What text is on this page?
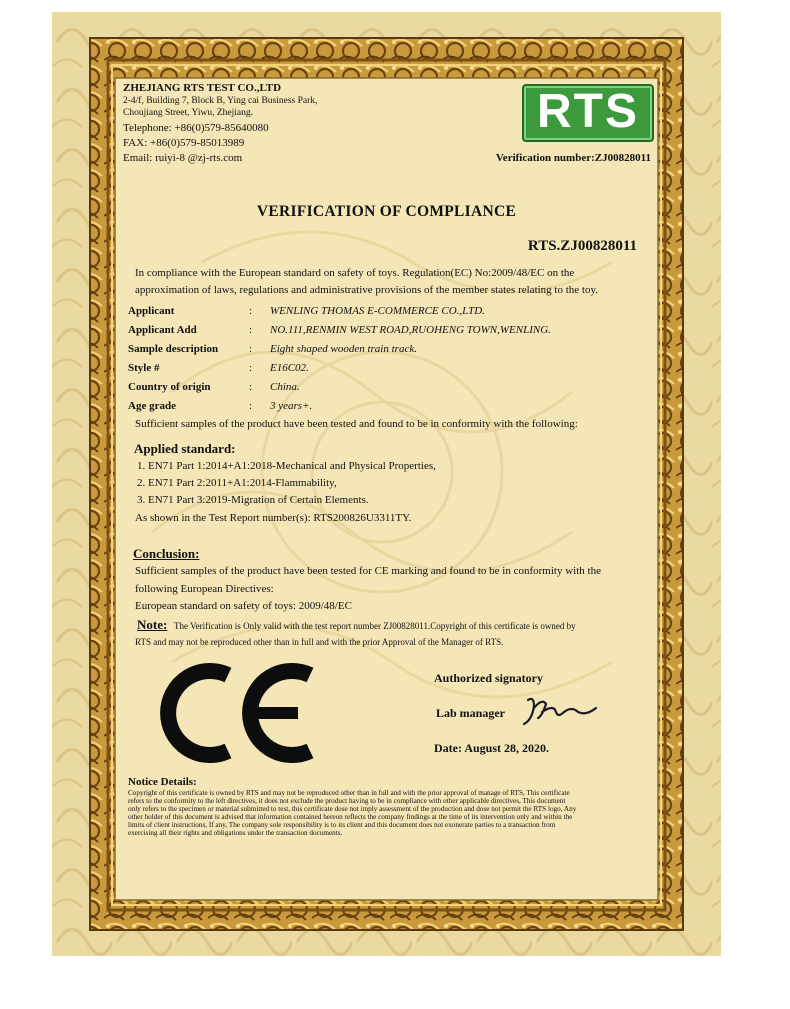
ZHEJIANG RTS TEST CO.,LTD
2-4/f, Building 7, Block B, Ying cai Business Park,
Choujiang Street, Yiwu, Zhejiang.
Telephone: +86(0)579-85640080
FAX: +86(0)579-85013989
Email: ruiyi-8 @zj-rts.com
RTS
Verification number:ZJ00828011
VERIFICATION OF COMPLIANCE
RTS.ZJ00828011
In compliance with the European standard on safety of toys. Regulation(EC) No:2009/48/EC on the
approximation of laws, regulations and administrative provisions of the member states relating to the toy.
Applicant	: WENLING THOMAS E-COMMERCE CO.,LTD.
Applicant Add	: NO.111,RENMIN WEST ROAD,RUOHENG TOWN,WENLING.
Sample description	: Eight shaped wooden train track.
Style #	: E16C02.
Country of origin	: China.
Age grade	: 3 years+.
Sufficient samples of the product have been tested and found to be in conformity with the following:
Applied standard:
1. EN71 Part 1:2014+A1:2018-Mechanical and Physical Properties,
2. EN71 Part 2:2011+A1:2014-Flammability,
3. EN71 Part 3:2019-Migration of Certain Elements.
As shown in the Test Report number(s): RTS200826U3311TY.
Conclusion:
Sufficient samples of the product have been tested for CE marking and found to be in conformity with the
following European Directives:
European standard on safety of toys: 2009/48/EC
Note: The Verification is Only valid with the test report number ZJ00828011.Copyright of this certificate is owned by
RTS and may not be reproduced other than in full and with the prior Approval of the Manager of RTS.
Authorized signatory
Lab manager
Date: August 28, 2020.
Notice Details:
Copyright of this certificate is owned by RTS and may not be reproduced other than in full and with the prior approval of manage of RTS, This certificate
refers to the conformity to the left directives, it does not exclude the product having to be in compliance with other applicable directives, This document
only refers to the specimen or material submitted to test, this certificate dose not imply assessment of the production and dose not permit the RTS logo, Any
other holder of this document is advised that information contained hereon reflects the company findings at the time of its intervention only and within the
limits of client instructions, If any, The company sole responsibility is to its client and this document does not exonerate parties to a transaction from
exercising all their rights and obligations under the transaction documents.
